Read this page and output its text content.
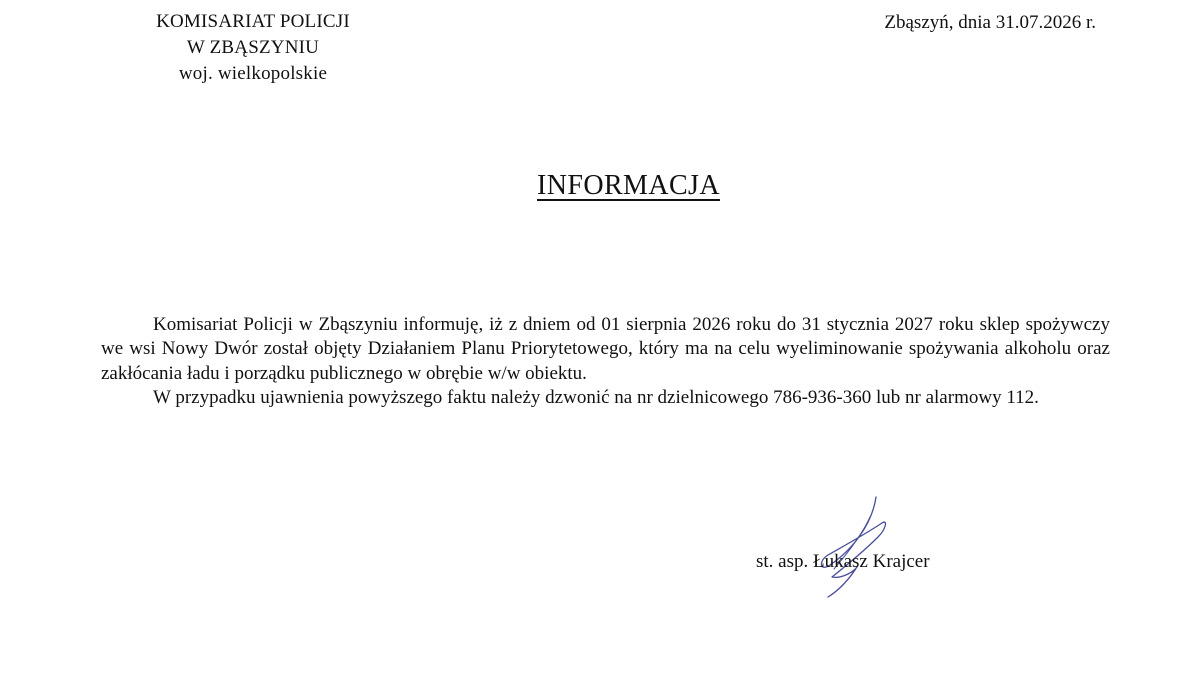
KOMISARIAT POLICJI
W ZBĄSZYNIU
woj. wielkopolskie
Zbąszyń, dnia 31.07.2026 r.
INFORMACJA

Komisariat Policji w Zbąszyniu informuję, iż z dniem od 01 sierpnia 2026 roku do 31 stycznia 2027 roku sklep spożywczy we wsi Nowy Dwór został objęty Działaniem Planu Priorytetowego, który ma na celu wyeliminowanie spożywania alkoholu oraz zakłócania ładu i porządku publicznego w obrębie w/w obiektu.

W przypadku ujawnienia powyższego faktu należy dzwonić na nr dzielnicowego 786-936-360 lub nr alarmowy 112.

st. asp. Łukasz Krajcer
